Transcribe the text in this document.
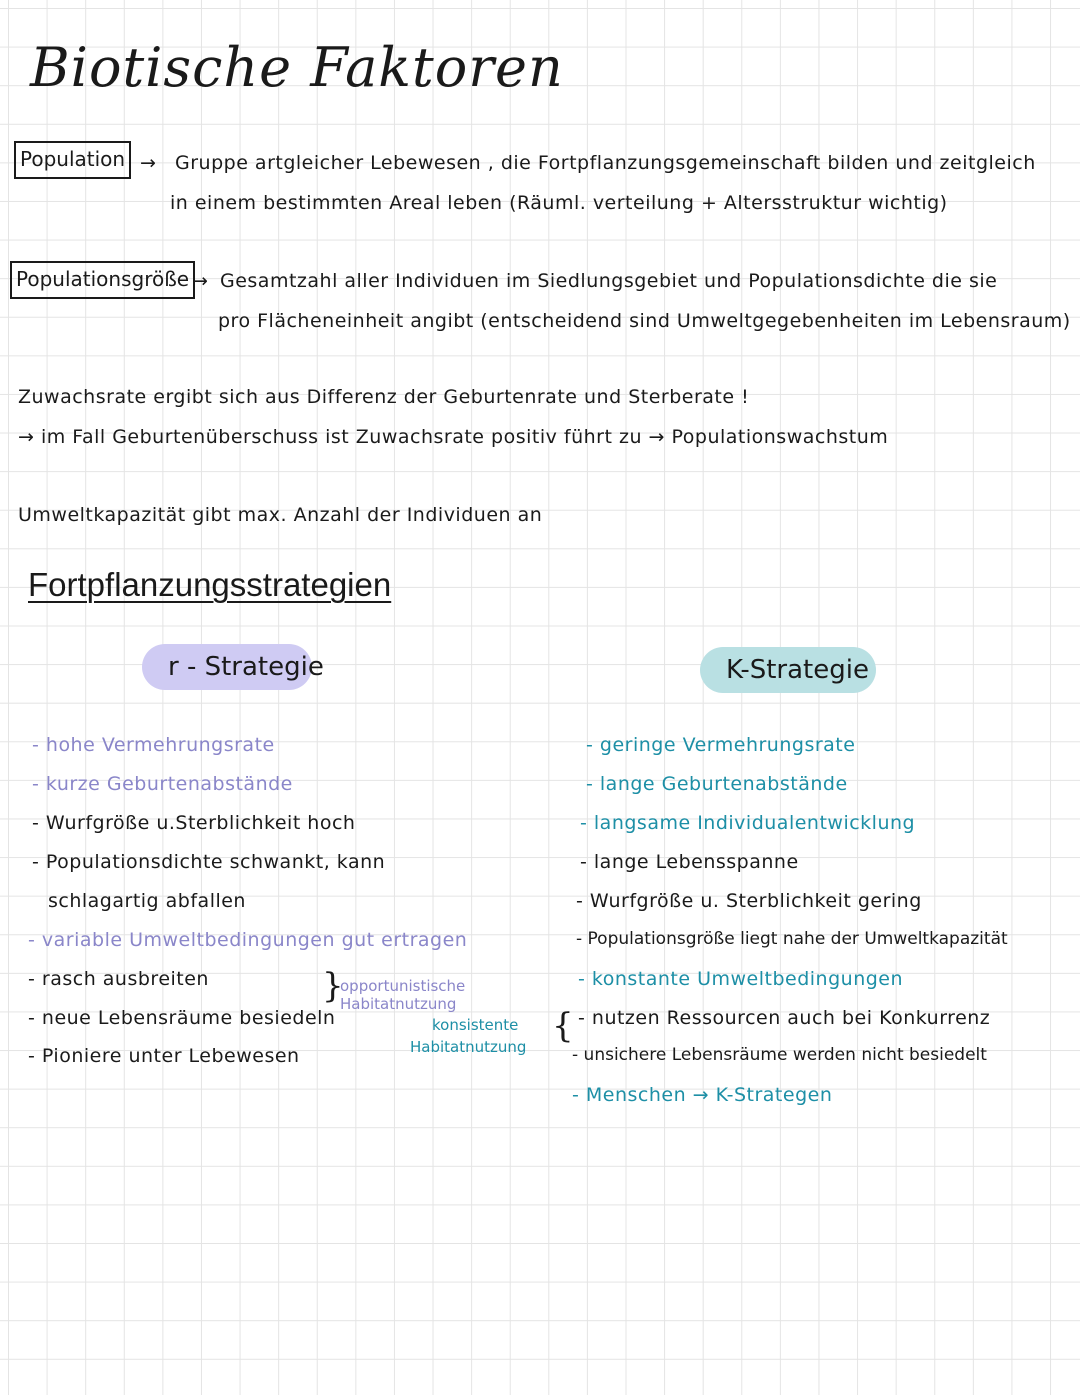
Biotische Faktoren
Population → Gruppe artgleicher Lebewesen , die Fortpflanzungsgemeinschaft bilden und zeitgleich
in einem bestimmten Areal leben (Räuml. verteilung + Altersstruktur wichtig)
Populationsgröße → Gesamtzahl aller Individuen im Siedlungsgebiet und Populationsdichte die sie
pro Flächeneinheit angibt (entscheidend sind Umweltgegebenheiten im Lebensraum)
Zuwachsrate ergibt sich aus Differenz der Geburtenrate und Sterberate !
→ im Fall Geburtenüberschuss ist Zuwachsrate positiv führt zu → Populationswachstum
Umweltkapazität gibt max. Anzahl der Individuen an
Fortpflanzungsstrategien
r - Strategie	K-Strategie
- hohe Vermehrungsrate
- kurze Geburtenabstände
- Wurfgröße u.Sterblichkeit hoch
- Populationsdichte schwankt, kann
schlagartig abfallen
- variable Umweltbedingungen gut ertragen
- rasch ausbreiten
- neue Lebensräume besiedeln
- Pioniere unter Lebewesen
}
opportunistische
Habitatnutzung
konsistente
Habitatnutzung
{
- geringe Vermehrungsrate
- lange Geburtenabstände
- langsame Individualentwicklung
- lange Lebensspanne
- Wurfgröße u. Sterblichkeit gering
- Populationsgröße liegt nahe der Umweltkapazität
- konstante Umweltbedingungen
- nutzen Ressourcen auch bei Konkurrenz
- unsichere Lebensräume werden nicht besiedelt
- Menschen → K-Strategen
